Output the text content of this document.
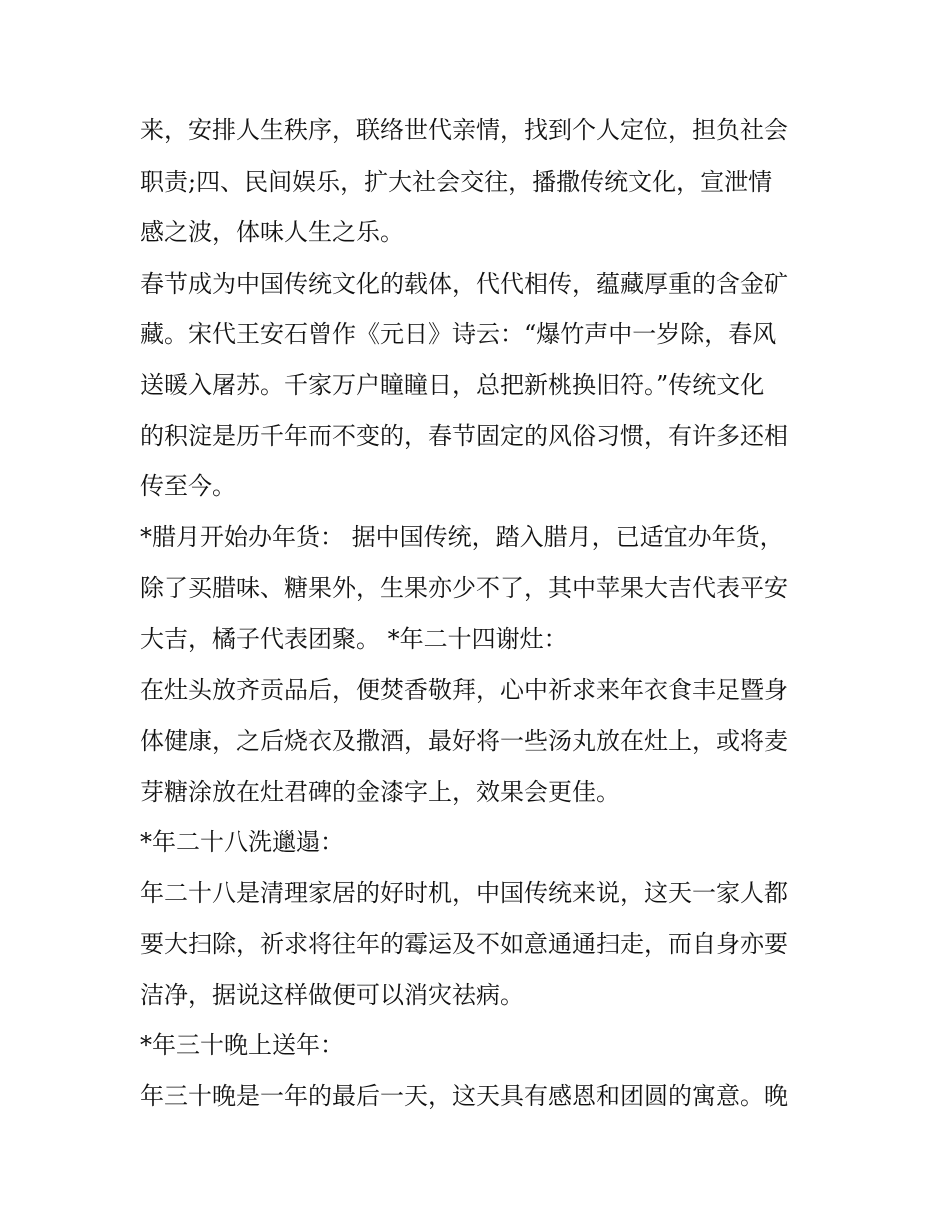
来，安排人生秩序，联络世代亲情，找到个人定位，担负社会
职责;四、民间娱乐，扩大社会交往，播撒传统文化，宣泄情
感之波，体味人生之乐。
春节成为中国传统文化的载体，代代相传，蕴藏厚重的含金矿
藏。宋代王安石曾作《元日》诗云：“爆竹声中一岁除，春风
送暖入屠苏。千家万户瞳瞳日，总把新桃换旧符。”传统文化
的积淀是历千年而不变的，春节固定的风俗习惯，有许多还相
传至今。
*腊月开始办年货： 据中国传统，踏入腊月，已适宜办年货，
除了买腊味、糖果外，生果亦少不了，其中苹果大吉代表平安
大吉，橘子代表团聚。 *年二十四谢灶：
在灶头放齐贡品后，便焚香敬拜，心中祈求来年衣食丰足暨身
体健康，之后烧衣及撒酒，最好将一些汤丸放在灶上，或将麦
芽糖涂放在灶君碑的金漆字上，效果会更佳。
*年二十八洗邋遢：
年二十八是清理家居的好时机，中国传统来说，这天一家人都
要大扫除，祈求将往年的霉运及不如意通通扫走，而自身亦要
洁净，据说这样做便可以消灾祛病。
*年三十晚上送年：
年三十晚是一年的最后一天，这天具有感恩和团圆的寓意。晚
